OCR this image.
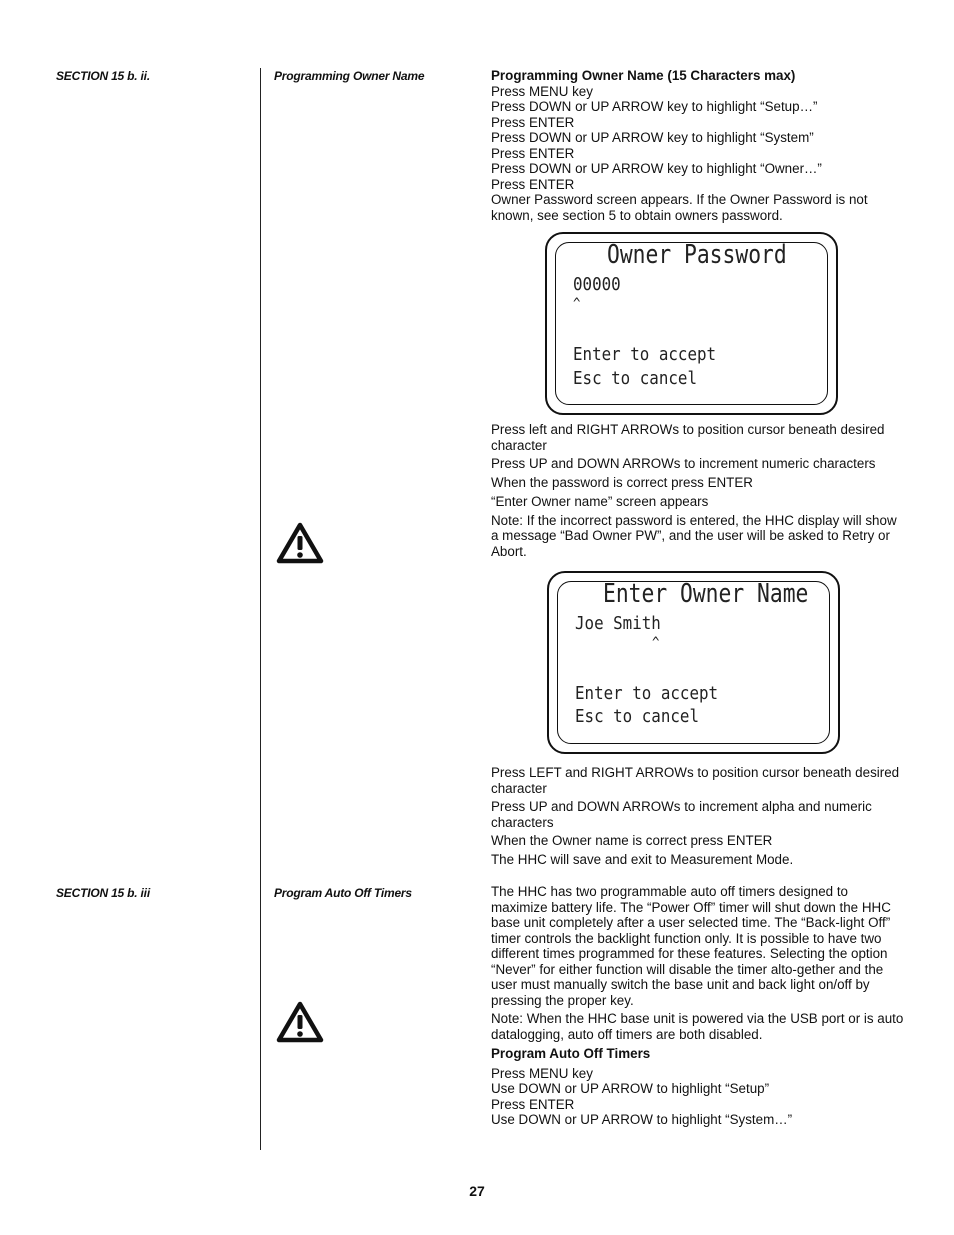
SECTION 15 b. ii.	Programming Owner Name
SECTION 15 b. iii	Program Auto Off Timers

Programming Owner Name (15 Characters max)

Press MENU key

Press DOWN or UP ARROW key to highlight “Setup…”

Press ENTER

Press DOWN or UP ARROW key to highlight “System”

Press ENTER

Press DOWN or UP ARROW key to highlight “Owner…”

Press ENTER

Owner Password screen appears. If the Owner Password is not known, see section 5 to obtain owners password.

Owner Password
00000
^
Enter to accept
Esc to cancel

Press left and RIGHT ARROWs to position cursor beneath desired character

Press UP and DOWN ARROWs to increment numeric characters

When the password is correct press ENTER

“Enter Owner name” screen appears

Note: If the incorrect password is entered, the HHC display will show a message “Bad Owner PW”, and the user will be asked to Retry or Abort.

Enter Owner Name
Joe Smith
^
Enter to accept
Esc to cancel

Press LEFT and RIGHT ARROWs to position cursor beneath desired character

Press UP and DOWN ARROWs to increment alpha and numeric characters

When the Owner name is correct press ENTER

The HHC will save and exit to Measurement Mode.

The HHC has two programmable auto off timers designed to maximize battery life. The “Power Off” timer will shut down the HHC base unit completely after a user selected time. The “Back-light Off” timer controls the backlight function only. It is possible to have two different times programmed for these features. Selecting the option “Never” for either function will disable the timer alto-gether and the user must manually switch the base unit and back light on/off by pressing the proper key.

Note: When the HHC base unit is powered via the USB port or is auto datalogging, auto off timers are both disabled.

Program Auto Off Timers

Press MENU key

Use DOWN or UP ARROW to highlight “Setup”

Press ENTER

Use DOWN or UP ARROW to highlight “System…”

27
